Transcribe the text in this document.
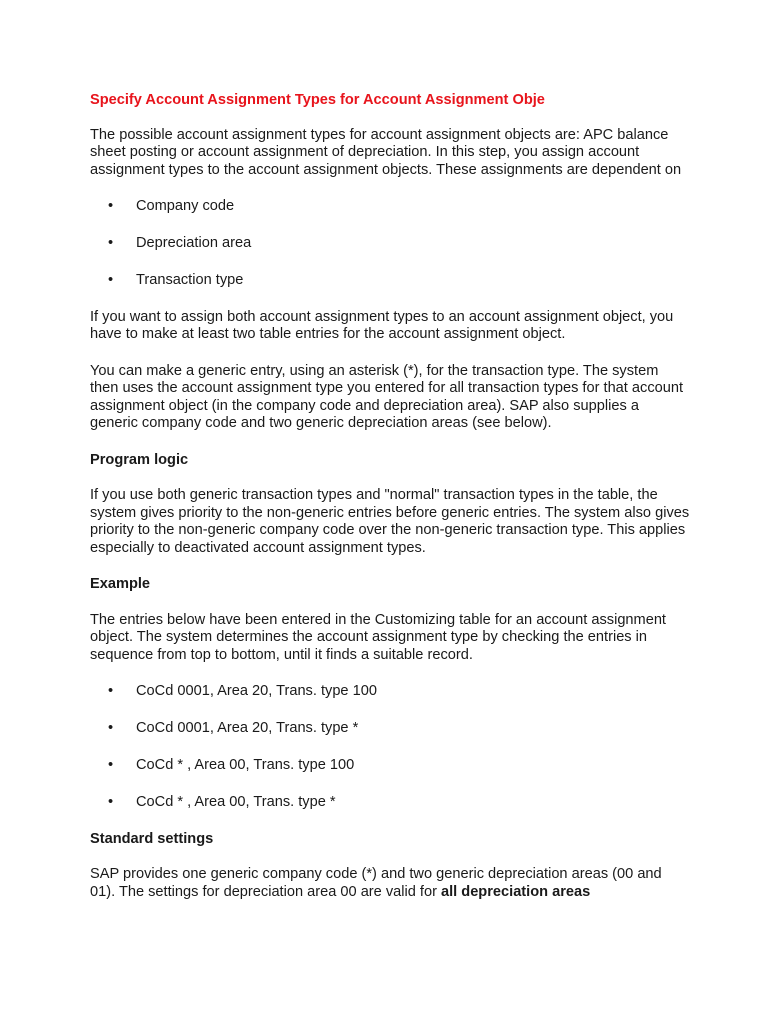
Specify Account Assignment Types for Account Assignment Obje

The possible account assignment types for account assignment objects are: APC balance sheet posting or account assignment of depreciation. In this step, you assign account assignment types to the account assignment objects. These assignments are dependent on

• Company code
• Depreciation area
• Transaction type

If you want to assign both account assignment types to an account assignment object, you have to make at least two table entries for the account assignment object.

You can make a generic entry, using an asterisk (*), for the transaction type. The system then uses the account assignment type you entered for all transaction types for that account assignment object (in the company code and depreciation area). SAP also supplies a generic company code and two generic depreciation areas (see below).

Program logic

If you use both generic transaction types and "normal" transaction types in the table, the system gives priority to the non-generic entries before generic entries. The system also gives priority to the non-generic company code over the non-generic transaction type. This applies especially to deactivated account assignment types.

Example

The entries below have been entered in the Customizing table for an account assignment object. The system determines the account assignment type by checking the entries in sequence from top to bottom, until it finds a suitable record.

• CoCd 0001, Area 20, Trans. type 100
• CoCd 0001, Area 20, Trans. type *
• CoCd * , Area 00, Trans. type 100
• CoCd * , Area 00, Trans. type *
Standard settings

SAP provides one generic company code (*) and two generic depreciation areas (00 and 01). The settings for depreciation area 00 are valid for all depreciation areas
